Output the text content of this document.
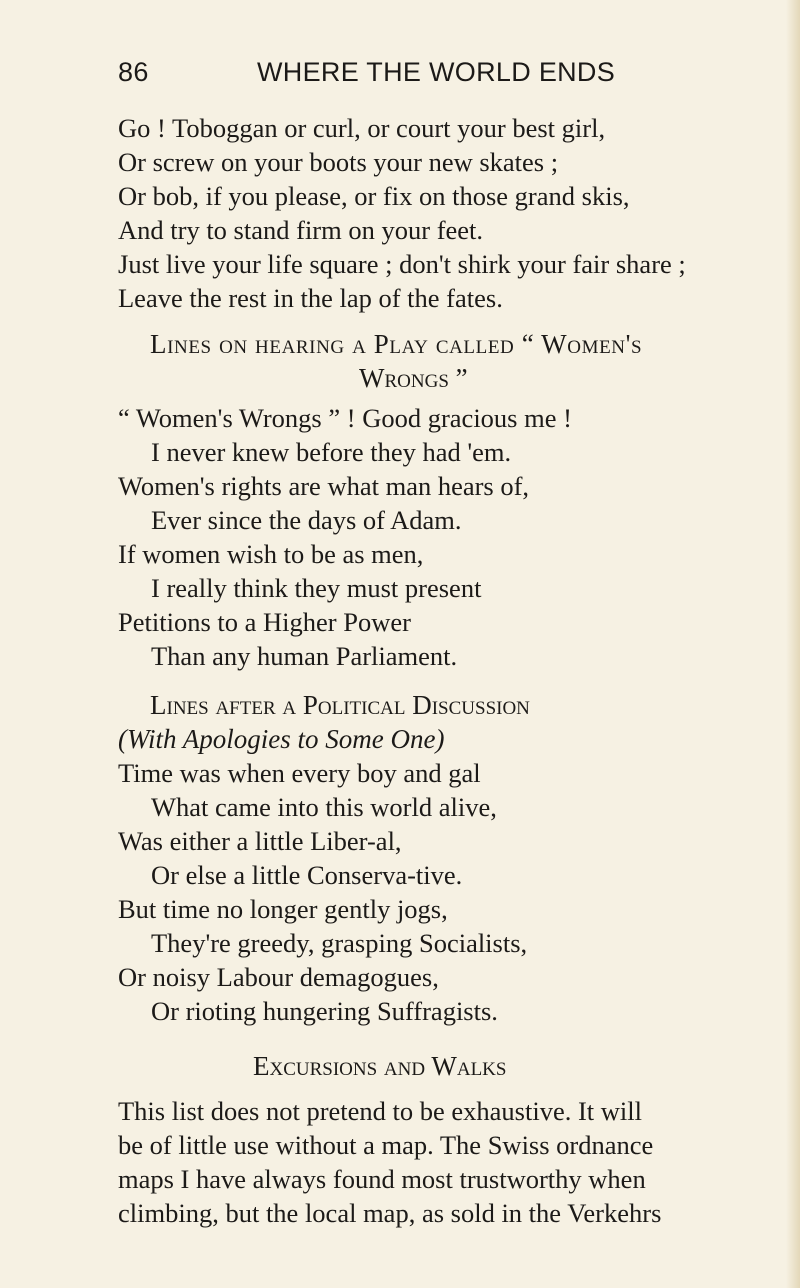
86	WHERE THE WORLD ENDS
Go ! Toboggan or curl, or court your best girl,
Or screw on your boots your new skates ;
Or bob, if you please, or fix on those grand skis,
And try to stand firm on your feet.
Just live your life square ; don't shirk your fair share ;
Leave the rest in the lap of the fates.
Lines on hearing a Play called “ Women's
Wrongs ”
“ Women's Wrongs ” ! Good gracious me !
I never knew before they had 'em.
Women's rights are what man hears of,
Ever since the days of Adam.
If women wish to be as men,
I really think they must present
Petitions to a Higher Power
Than any human Parliament.
Lines after a Political Discussion
(With Apologies to Some One)
Time was when every boy and gal
What came into this world alive,
Was either a little Liber-al,
Or else a little Conserva-tive.
But time no longer gently jogs,
They're greedy, grasping Socialists,
Or noisy Labour demagogues,
Or rioting hungering Suffragists.
Excursions and Walks
This list does not pretend to be exhaustive. It will
be of little use without a map. The Swiss ordnance
maps I have always found most trustworthy when
climbing, but the local map, as sold in the Verkehrs
